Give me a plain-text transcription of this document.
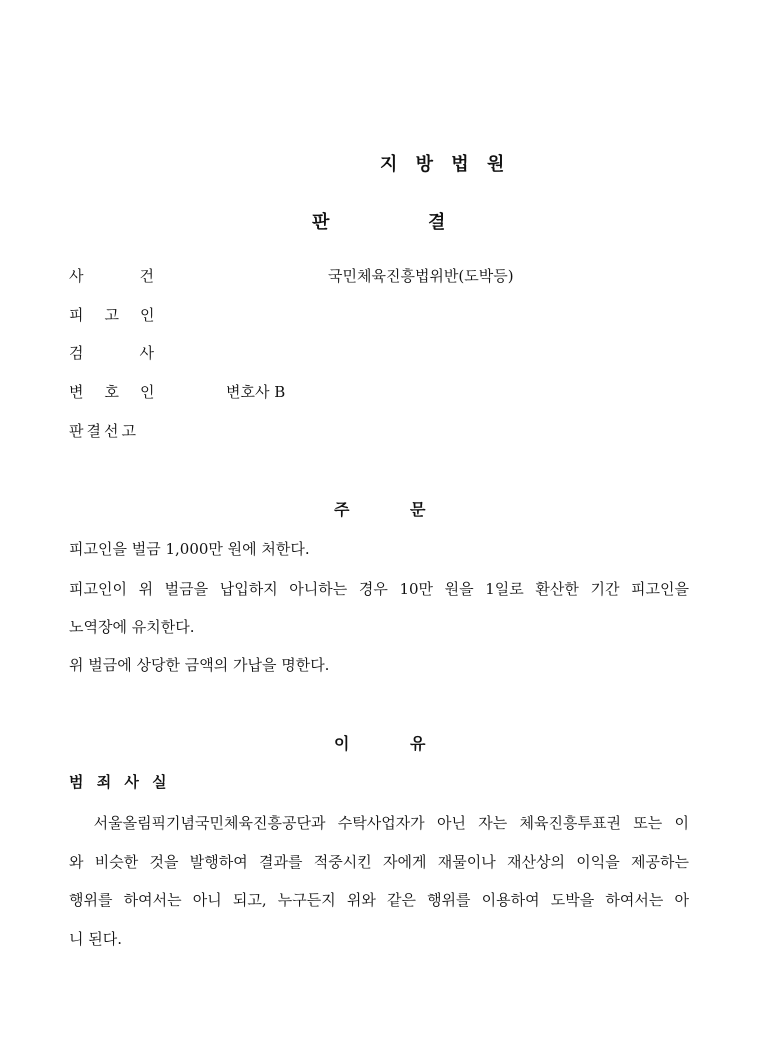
지 방 법 원
판	결
사	건	국민체육진흥법위반(도박등)
피 고 인
검	사
변 호 인	변호사 B
판 결 선 고
주	문
피고인을 벌금 1,000만 원에 처한다.
피고인이 위 벌금을 납입하지 아니하는 경우 10만 원을 1일로 환산한 기간 피고인을
노역장에 유치한다.
위 벌금에 상당한 금액의 가납을 명한다.
이	유
범 죄 사 실
서울올림픽기념국민체육진흥공단과 수탁사업자가 아닌 자는 체육진흥투표권 또는 이
와 비슷한 것을 발행하여 결과를 적중시킨 자에게 재물이나 재산상의 이익을 제공하는
행위를 하여서는 아니 되고, 누구든지 위와 같은 행위를 이용하여 도박을 하여서는 아
니 된다.
